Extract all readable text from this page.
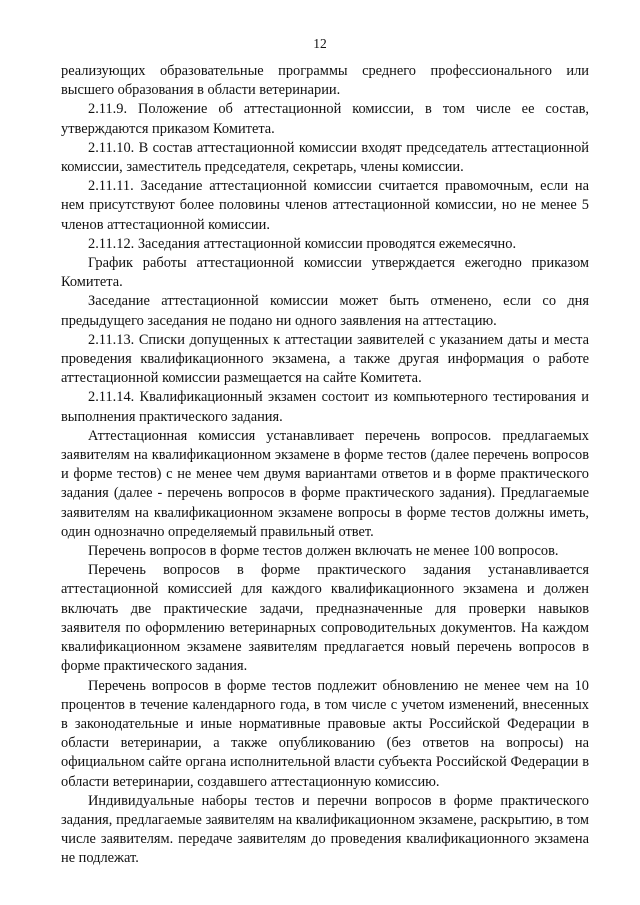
12

реализующих образовательные программы среднего профессионального или высшего образования в области ветеринарии.

2.11.9. Положение об аттестационной комиссии, в том числе ее состав, утверждаются приказом Комитета.

2.11.10. В состав аттестационной комиссии входят председатель аттестационной комиссии, заместитель председателя, секретарь, члены комиссии.

2.11.11. Заседание аттестационной комиссии считается правомочным, если на нем присутствуют более половины членов аттестационной комиссии, но не менее 5 членов аттестационной комиссии.

2.11.12. Заседания аттестационной комиссии проводятся ежемесячно.

График работы аттестационной комиссии утверждается ежегодно приказом Комитета.

Заседание аттестационной комиссии может быть отменено, если со дня предыдущего заседания не подано ни одного заявления на аттестацию.

2.11.13. Списки допущенных к аттестации заявителей с указанием даты и места проведения квалификационного экзамена, а также другая информация о работе аттестационной комиссии размещается на сайте Комитета.

2.11.14. Квалификационный экзамен состоит из компьютерного тестирования и выполнения практического задания.

Аттестационная комиссия устанавливает перечень вопросов. предлагаемых заявителям на квалификационном экзамене в форме тестов (далее перечень вопросов и форме тестов) с не менее чем двумя вариантами ответов и в форме практического задания (далее - перечень вопросов в форме практического задания). Предлагаемые заявителям на квалификационном экзамене вопросы в форме тестов должны иметь, один однозначно определяемый правильный ответ.

Перечень вопросов в форме тестов должен включать не менее 100 вопросов.

Перечень вопросов в форме практического задания устанавливается аттестационной комиссией для каждого квалификационного экзамена и должен включать две практические задачи, предназначенные для проверки навыков заявителя по оформлению ветеринарных сопроводительных документов. На каждом квалификационном экзамене заявителям предлагается новый перечень вопросов в форме практического задания.

Перечень вопросов в форме тестов подлежит обновлению не менее чем на 10 процентов в течение календарного года, в том числе с учетом изменений, внесенных в законодательные и иные нормативные правовые акты Российской Федерации в области ветеринарии, а также опубликованию (без ответов на вопросы) на официальном сайте органа исполнительной власти субъекта Российской Федерации в области ветеринарии, создавшего аттестационную комиссию.

Индивидуальные наборы тестов и перечни вопросов в форме практического задания, предлагаемые заявителям на квалификационном экзамене, раскрытию, в том числе заявителям. передаче заявителям до проведения квалификационного экзамена не подлежат.
